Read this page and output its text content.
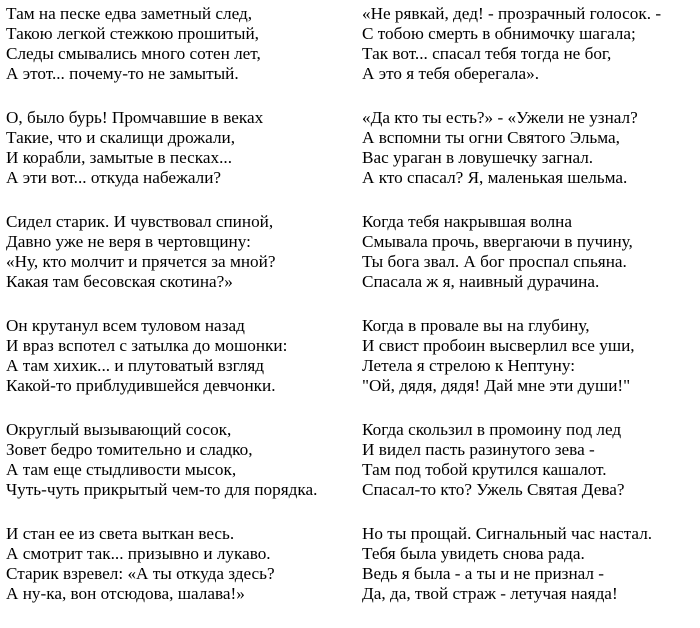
Там на песке едва заметный след,
Такою легкой стежкою прошитый,
Следы смывались много сотен лет,
А этот... почему-то не замытый.
О, было бурь! Промчавшие в веках
Такие, что и скалищи дрожали,
И корабли, замытые в песках...
А эти вот... откуда набежали?
Сидел старик. И чувствовал спиной,
Давно уже не веря в чертовщину:
«Ну, кто молчит и прячется за мной?
Какая там бесовская скотина?»
Он крутанул всем туловом назад
И враз вспотел с затылка до мошонки:
А там хихик... и плутоватый взгляд
Какой-то приблудившейся девчонки.
Округлый вызывающий сосок,
Зовет бедро томительно и сладко,
А там еще стыдливости мысок,
Чуть-чуть прикрытый чем-то для порядка.
И стан ее из света выткан весь.
А смотрит так... призывно и лукаво.
Старик взревел: «А ты откуда здесь?
А ну-ка, вон отсюдова, шалава!»
«Не рявкай, дед! - прозрачный голосок. -
С тобою смерть в обнимочку шагала;
Так вот... спасал тебя тогда не бог,
А это я тебя оберегала».
«Да кто ты есть?» - «Ужели не узнал?
А вспомни ты огни Святого Эльма,
Вас ураган в ловушечку загнал.
А кто спасал? Я, маленькая шельма.
Когда тебя накрывшая волна
Смывала прочь, ввергаючи в пучину,
Ты бога звал. А бог проспал спьяна.
Спасала ж я, наивный дурачина.
Когда в провале вы на глубину,
И свист пробоин высверлил все уши,
Летела я стрелою к Нептуну:
"Ой, дядя, дядя! Дай мне эти души!"
Когда скользил в промоину под лед
И видел пасть разинутого зева -
Там под тобой крутился кашалот.
Спасал-то кто? Ужель Святая Дева?
Но ты прощай. Сигнальный час настал.
Тебя была увидеть снова рада.
Ведь я была - а ты и не признал -
Да, да, твой страж - летучая наяда!
